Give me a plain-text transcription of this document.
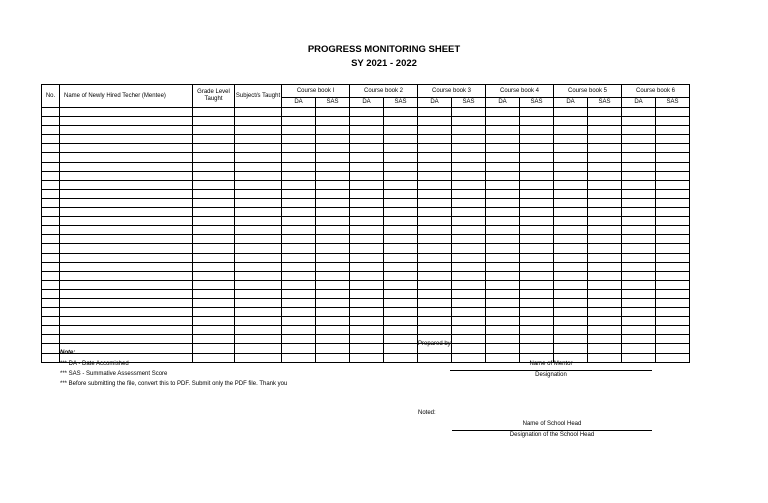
PROGRESS MONITORING SHEET
SY 2021 - 2022
No.	Name of Newly Hired Techer (Mentee)	Grade Level Taught	Subject/s Taught	Course book I		Course book 2		Course book 3		Course book 4		Course book 5		Course book 6	
				DA	SAS	DA	SAS	DA	SAS	DA	SAS	DA	SAS	DA	SAS

Note:
*** DA - Date Accomished
*** SAS - Summative Assessment Score
*** Before submitting the file, convert this to PDF. Submit only the PDF file. Thank you
Prepared by:
Name of Mentor
Designation
Noted:
Name of School Head
Designation of the School Head
